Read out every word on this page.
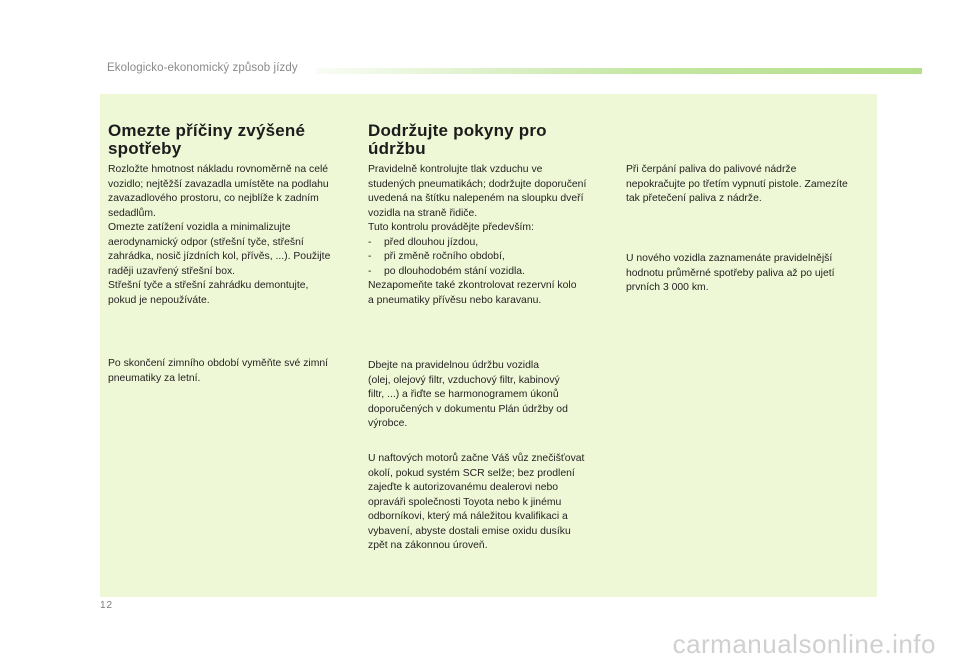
Ekologicko-ekonomický způsob jízdy
Omezte příčiny zvýšené
spotřeby
Rozložte hmotnost nákladu rovnoměrně na celé
vozidlo; nejtěžší zavazadla umístěte na podlahu
zavazadlového prostoru, co nejblíže k zadním
sedadlům.
Omezte zatížení vozidla a minimalizujte
aerodynamický odpor (střešní tyče, střešní
zahrádka, nosič jízdních kol, přívěs, ...). Použijte
raději uzavřený střešní box.
Střešní tyče a střešní zahrádku demontujte,
pokud je nepoužíváte.
Po skončení zimního období vyměňte své zimní
pneumatiky za letní.
Dodržujte pokyny pro
údržbu
Pravidelně kontrolujte tlak vzduchu ve
studených pneumatikách; dodržujte doporučení
uvedená na štítku nalepeném na sloupku dveří
vozidla na straně řidiče.
Tuto kontrolu provádějte především:
- před dlouhou jízdou,
- při změně ročního období,
- po dlouhodobém stání vozidla.
Nezapomeňte také zkontrolovat rezervní kolo
a pneumatiky přívěsu nebo karavanu.
Dbejte na pravidelnou údržbu vozidla
(olej, olejový filtr, vzduchový filtr, kabinový
filtr, ...) a řiďte se harmonogramem úkonů
doporučených v dokumentu Plán údržby od
výrobce.
U naftových motorů začne Váš vůz znečišťovat
okolí, pokud systém SCR selže; bez prodlení
zajeďte k autorizovanému dealerovi nebo
opraváři společnosti Toyota nebo k jinému
odborníkovi, který má náležitou kvalifikaci a
vybavení, abyste dostali emise oxidu dusíku
zpět na zákonnou úroveň.
Při čerpání paliva do palivové nádrže
nepokračujte po třetím vypnutí pistole. Zamezíte
tak přetečení paliva z nádrže.
U nového vozidla zaznamenáte pravidelnější
hodnotu průměrné spotřeby paliva až po ujetí
prvních 3 000 km.
12
carmanualsonline.info
